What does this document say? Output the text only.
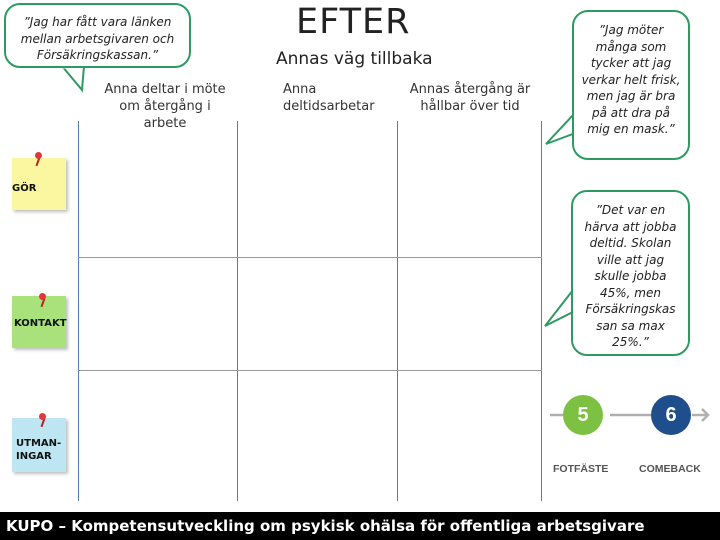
EFTER
Annas väg tillbaka
Anna deltar i möte om återgång i arbete
Anna deltidsarbetar
Annas återgång är hållbar över tid
”Jag har fått vara länken mellan arbetsgivaren och Försäkringskassan.”
”Jag möter många som tycker att jag verkar helt frisk, men jag är bra på att dra på mig en mask.”
”Det var en härva att jobba deltid. Skolan ville att jag skulle jobba 45%, men Försäkringskas san sa max 25%.”
GÖR
KONTAKT
UTMAN-
INGAR
5	6
FOTFÄSTE	COMEBACK
KUPO – Kompetensutveckling om psykisk ohälsa för offentliga arbetsgivare
